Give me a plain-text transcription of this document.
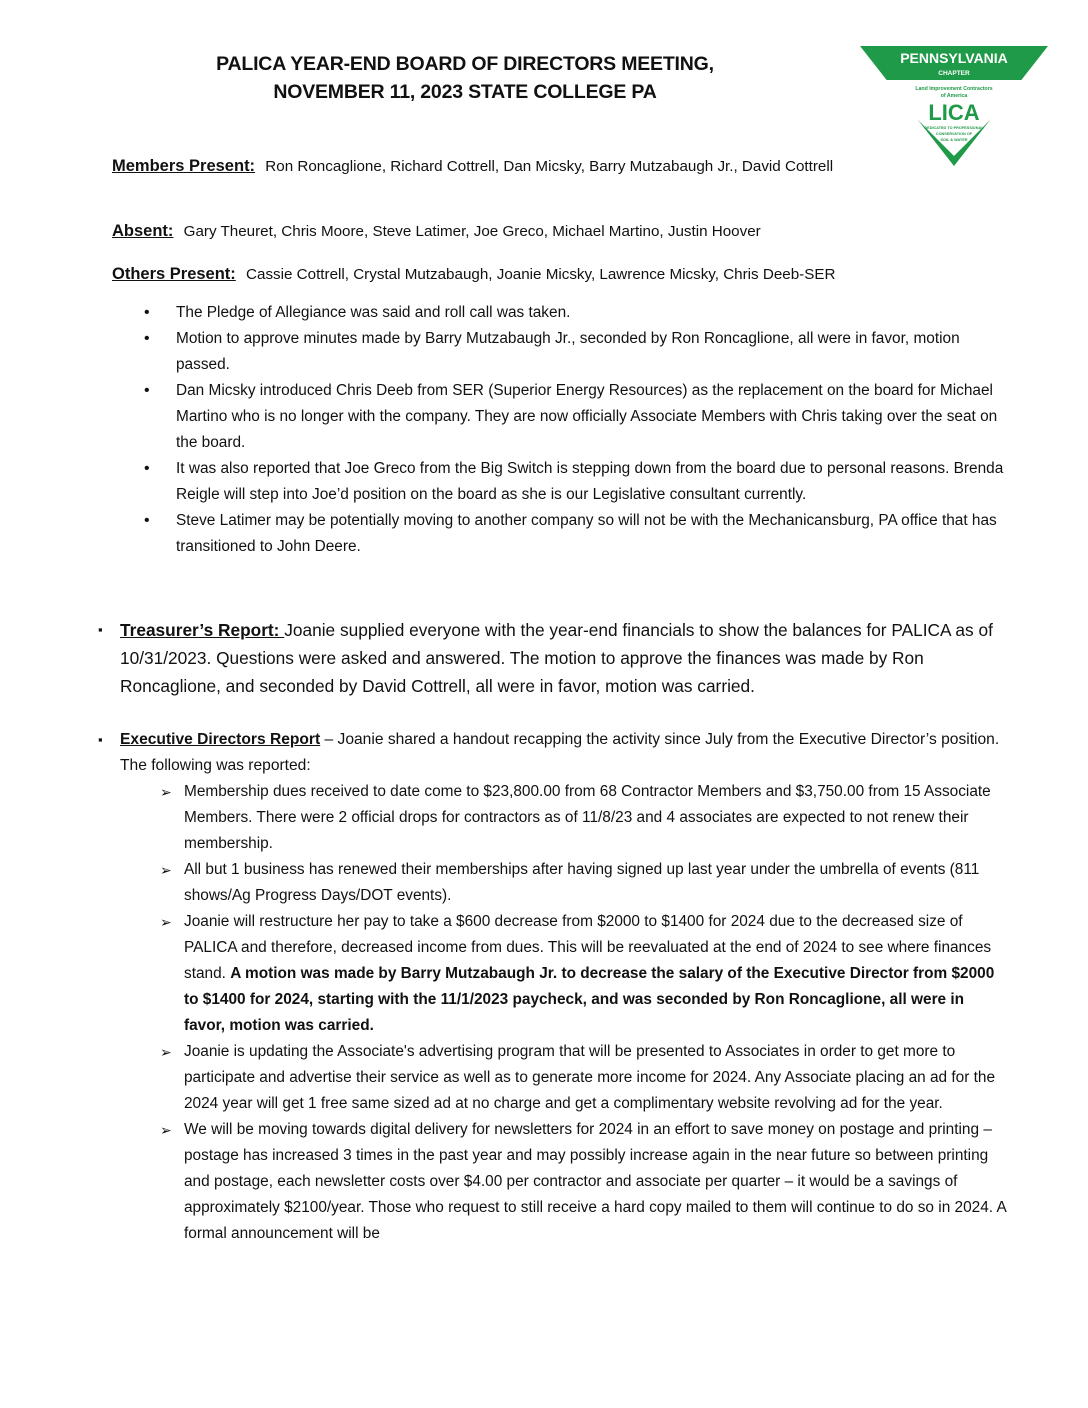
PALICA YEAR-END BOARD OF DIRECTORS MEETING,
NOVEMBER 11, 2023 STATE COLLEGE PA
PENNSYLVANIA
CHAPTER
Land Improvement Contractors
of America
LICA
DEDICATED TO PROFESSIONAL
CONSERVATION OF
SOIL & WATER
Members Present: Ron Roncaglione, Richard Cottrell, Dan Micsky, Barry Mutzabaugh Jr., David Cottrell
Absent: Gary Theuret, Chris Moore, Steve Latimer, Joe Greco, Michael Martino, Justin Hoover
Others Present: Cassie Cottrell, Crystal Mutzabaugh, Joanie Micsky, Lawrence Micsky, Chris Deeb-SER
• The Pledge of Allegiance was said and roll call was taken.
• Motion to approve minutes made by Barry Mutzabaugh Jr., seconded by Ron Roncaglione, all were in favor, motion passed.
• Dan Micsky introduced Chris Deeb from SER (Superior Energy Resources) as the replacement on the board for Michael Martino who is no longer with the company. They are now officially Associate Members with Chris taking over the seat on the board.
• It was also reported that Joe Greco from the Big Switch is stepping down from the board due to personal reasons. Brenda Reigle will step into Joe’d position on the board as she is our Legislative consultant currently.
• Steve Latimer may be potentially moving to another company so will not be with the Mechanicansburg, PA office that has transitioned to John Deere.
▪	Treasurer’s Report: Joanie supplied everyone with the year-end financials to show the balances for PALICA as of 10/31/2023. Questions were asked and answered. The motion to approve the finances was made by Ron Roncaglione, and seconded by David Cottrell, all were in favor, motion was carried.
▪	Executive Directors Report – Joanie shared a handout recapping the activity since July from the Executive Director’s position. The following was reported:
➢ Membership dues received to date come to $23,800.00 from 68 Contractor Members and $3,750.00 from 15 Associate Members. There were 2 official drops for contractors as of 11/8/23 and 4 associates are expected to not renew their membership.
➢ All but 1 business has renewed their memberships after having signed up last year under the umbrella of events (811 shows/Ag Progress Days/DOT events).
➢ Joanie will restructure her pay to take a $600 decrease from $2000 to $1400 for 2024 due to the decreased size of PALICA and therefore, decreased income from dues. This will be reevaluated at the end of 2024 to see where finances stand. A motion was made by Barry Mutzabaugh Jr. to decrease the salary of the Executive Director from $2000 to $1400 for 2024, starting with the 11/1/2023 paycheck, and was seconded by Ron Roncaglione, all were in favor, motion was carried.
➢ Joanie is updating the Associate's advertising program that will be presented to Associates in order to get more to participate and advertise their service as well as to generate more income for 2024. Any Associate placing an ad for the 2024 year will get 1 free same sized ad at no charge and get a complimentary website revolving ad for the year.
➢ We will be moving towards digital delivery for newsletters for 2024 in an effort to save money on postage and printing – postage has increased 3 times in the past year and may possibly increase again in the near future so between printing and postage, each newsletter costs over $4.00 per contractor and associate per quarter – it would be a savings of approximately $2100/year. Those who request to still receive a hard copy mailed to them will continue to do so in 2024. A formal announcement will be
